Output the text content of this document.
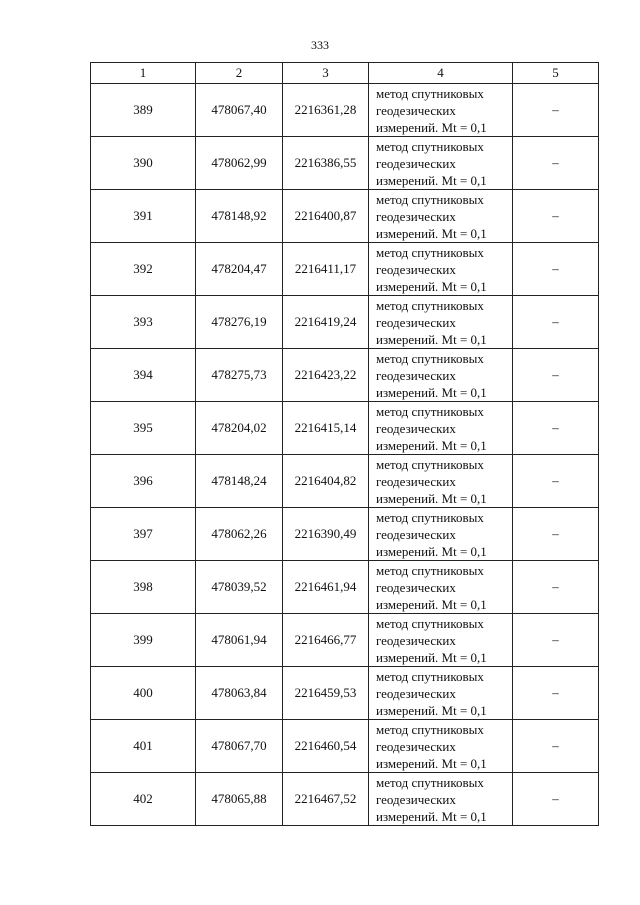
333
1	2	3	4	5
389	478067,40	2216361,28	метод спутниковых
геодезических
измерений. Mt = 0,1	–
390	478062,99	2216386,55	метод спутниковых
геодезических
измерений. Mt = 0,1	–
391	478148,92	2216400,87	метод спутниковых
геодезических
измерений. Mt = 0,1	–
392	478204,47	2216411,17	метод спутниковых
геодезических
измерений. Mt = 0,1	–
393	478276,19	2216419,24	метод спутниковых
геодезических
измерений. Mt = 0,1	–
394	478275,73	2216423,22	метод спутниковых
геодезических
измерений. Mt = 0,1	–
395	478204,02	2216415,14	метод спутниковых
геодезических
измерений. Mt = 0,1	–
396	478148,24	2216404,82	метод спутниковых
геодезических
измерений. Mt = 0,1	–
397	478062,26	2216390,49	метод спутниковых
геодезических
измерений. Mt = 0,1	–
398	478039,52	2216461,94	метод спутниковых
геодезических
измерений. Mt = 0,1	–
399	478061,94	2216466,77	метод спутниковых
геодезических
измерений. Mt = 0,1	–
400	478063,84	2216459,53	метод спутниковых
геодезических
измерений. Mt = 0,1	–
401	478067,70	2216460,54	метод спутниковых
геодезических
измерений. Mt = 0,1	–
402	478065,88	2216467,52	метод спутниковых
геодезических
измерений. Mt = 0,1	–
